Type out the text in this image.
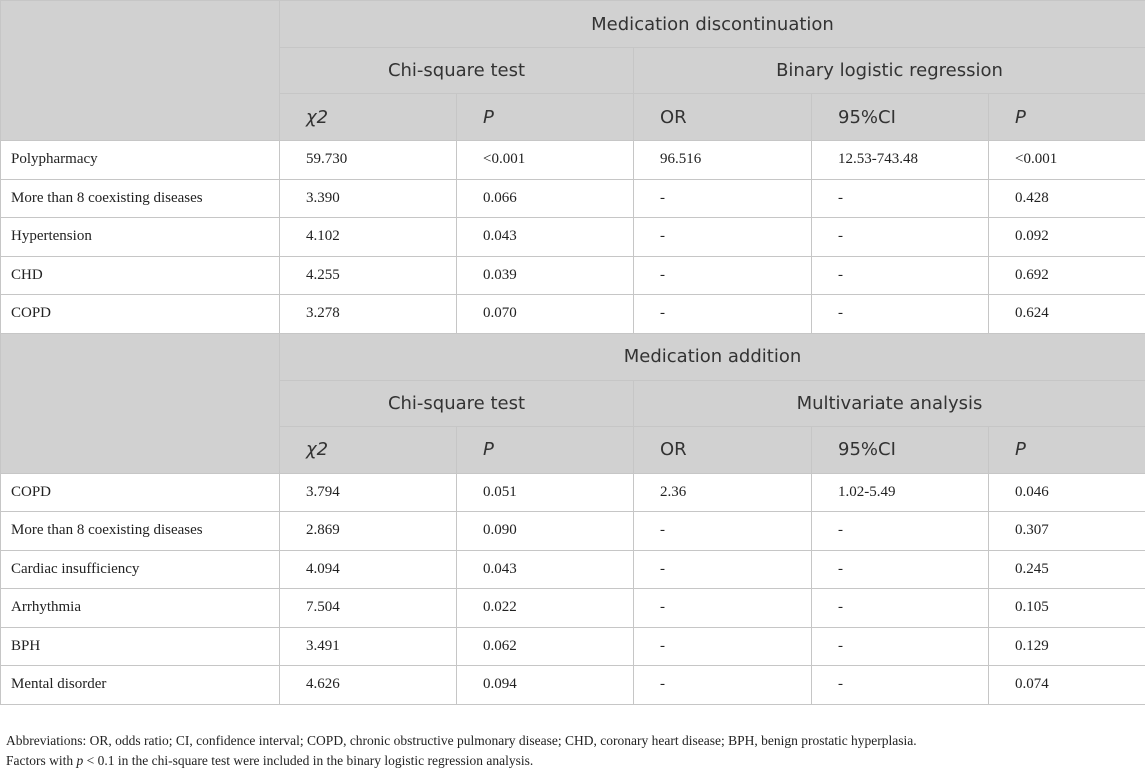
	Medication discontinuation				
	Chi-square test		Binary logistic regression		
	χ2	P	OR	95%CI	P
Polypharmacy	59.730	<0.001	96.516	12.53-743.48	<0.001
More than 8 coexisting diseases	3.390	0.066	-	-	0.428
Hypertension	4.102	0.043	-	-	0.092
CHD	4.255	0.039	-	-	0.692
COPD	3.278	0.070	-	-	0.624
	Medication addition				
	Chi-square test		Multivariate analysis		
	χ2	P	OR	95%CI	P
COPD	3.794	0.051	2.36	1.02-5.49	0.046
More than 8 coexisting diseases	2.869	0.090	-	-	0.307
Cardiac insufficiency	4.094	0.043	-	-	0.245
Arrhythmia	7.504	0.022	-	-	0.105
BPH	3.491	0.062	-	-	0.129
Mental disorder	4.626	0.094	-	-	0.074
Abbreviations: OR, odds ratio; CI, confidence interval; COPD, chronic obstructive pulmonary disease; CHD, coronary heart disease; BPH, benign prostatic hyperplasia.
Factors with p < 0.1 in the chi-square test were included in the binary logistic regression analysis.
